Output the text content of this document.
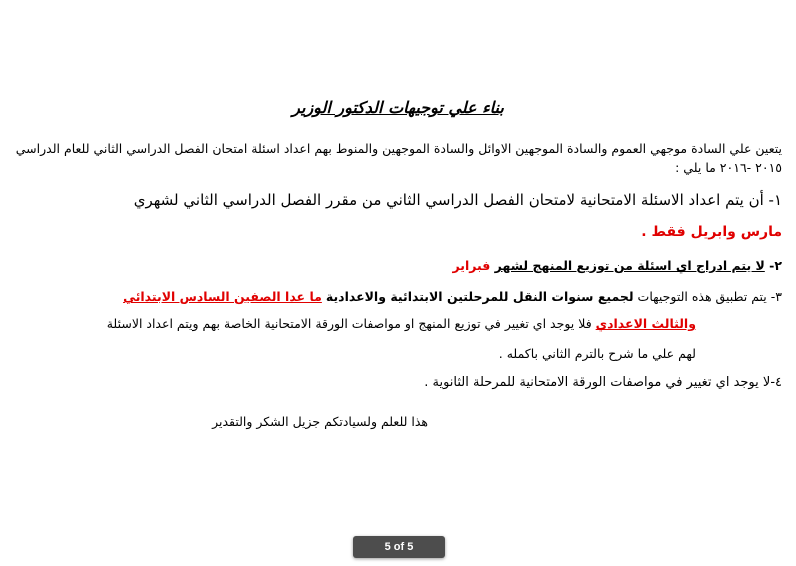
بناء علي توجيهات الدكتور الوزير
يتعين علي السادة موجهي العموم والسادة الموجهين الاوائل والسادة الموجهين والمنوط بهم اعداد اسئلة امتحان الفصل الدراسي الثاني للعام الدراسي ٢٠١٥ -٢٠١٦ ما يلي :
١- أن يتم اعداد الاسئلة الامتحانية لامتحان الفصل الدراسي الثاني من مقرر الفصل الدراسي الثاني لشهري
مارس وابريل فقط .
٢- لا يتم ادراج اي اسئلة من توزيع المنهج لشهر فبراير
٣- يتم تطبيق هذه التوجيهات لجميع سنوات النقل للمرحلتين الابتدائية والاعدادية ما عدا الصفين السادس الابتدائي
والثالث الاعدادي فلا يوجد اي تغيير في توزيع المنهج او مواصفات الورقة الامتحانية الخاصة بهم ويتم اعداد الاسئلة
لهم علي ما شرح بالترم الثاني باكمله .
٤-لا يوجد اي تغيير في مواصفات الورقة الامتحانية للمرحلة الثانوية .
هذا للعلم ولسيادتكم جزيل الشكر والتقدير
5 of 5
